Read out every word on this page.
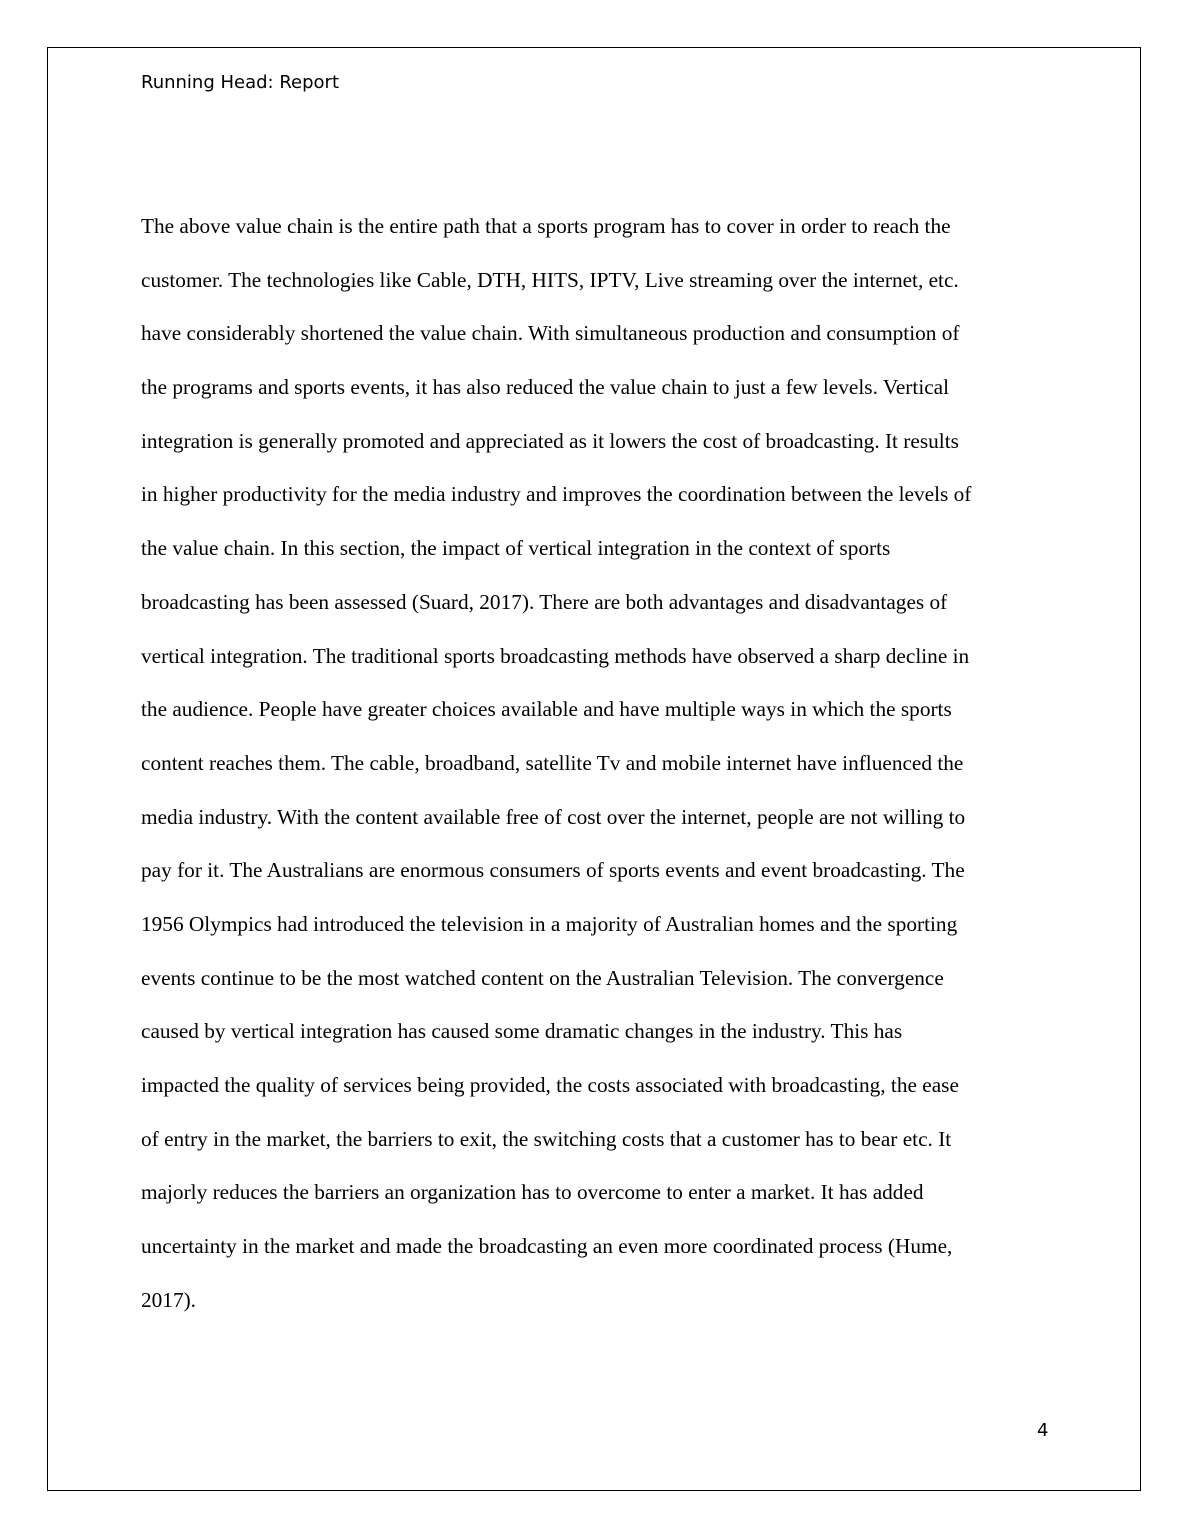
Running Head: Report
The above value chain is the entire path that a sports program has to cover in order to reach the
customer. The technologies like Cable, DTH, HITS, IPTV, Live streaming over the internet, etc.
have considerably shortened the value chain. With simultaneous production and consumption of
the programs and sports events, it has also reduced the value chain to just a few levels. Vertical
integration is generally promoted and appreciated as it lowers the cost of broadcasting. It results
in higher productivity for the media industry and improves the coordination between the levels of
the value chain. In this section, the impact of vertical integration in the context of sports
broadcasting has been assessed (Suard, 2017). There are both advantages and disadvantages of
vertical integration. The traditional sports broadcasting methods have observed a sharp decline in
the audience. People have greater choices available and have multiple ways in which the sports
content reaches them. The cable, broadband, satellite Tv and mobile internet have influenced the
media industry. With the content available free of cost over the internet, people are not willing to
pay for it. The Australians are enormous consumers of sports events and event broadcasting. The
1956 Olympics had introduced the television in a majority of Australian homes and the sporting
events continue to be the most watched content on the Australian Television. The convergence
caused by vertical integration has caused some dramatic changes in the industry. This has
impacted the quality of services being provided, the costs associated with broadcasting, the ease
of entry in the market, the barriers to exit, the switching costs that a customer has to bear etc. It
majorly reduces the barriers an organization has to overcome to enter a market. It has added
uncertainty in the market and made the broadcasting an even more coordinated process (Hume,
2017).
4
